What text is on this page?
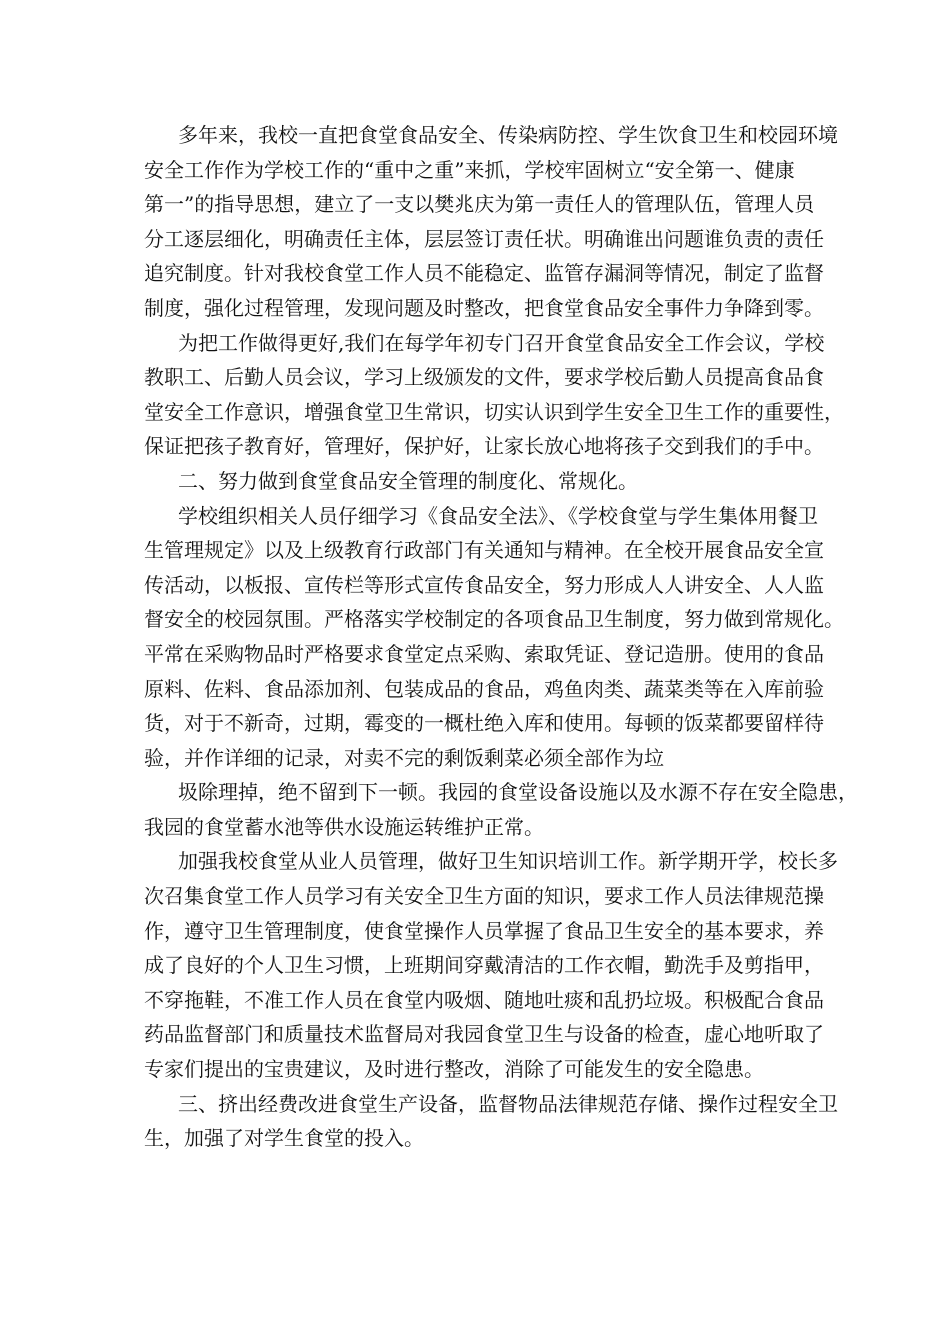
多年来，我校一直把食堂食品安全、传染病防控、学生饮食卫生和校园环境
安全工作作为学校工作的“重中之重”来抓，学校牢固树立“安全第一、健康
第一”的指导思想，建立了一支以樊兆庆为第一责任人的管理队伍，管理人员
分工逐层细化，明确责任主体，层层签订责任状。明确谁出问题谁负责的责任
追究制度。针对我校食堂工作人员不能稳定、监管存漏洞等情况，制定了监督
制度，强化过程管理，发现问题及时整改，把食堂食品安全事件力争降到零。
为把工作做得更好,我们在每学年初专门召开食堂食品安全工作会议，学校
教职工、后勤人员会议，学习上级颁发的文件，要求学校后勤人员提高食品食
堂安全工作意识，增强食堂卫生常识，切实认识到学生安全卫生工作的重要性，
保证把孩子教育好，管理好，保护好，让家长放心地将孩子交到我们的手中。
二、努力做到食堂食品安全管理的制度化、常规化。
学校组织相关人员仔细学习《食品安全法》、《学校食堂与学生集体用餐卫
生管理规定》以及上级教育行政部门有关通知与精神。在全校开展食品安全宣
传活动，以板报、宣传栏等形式宣传食品安全，努力形成人人讲安全、人人监
督安全的校园氛围。严格落实学校制定的各项食品卫生制度，努力做到常规化。
平常在采购物品时严格要求食堂定点采购、索取凭证、登记造册。使用的食品
原料、佐料、食品添加剂、包装成品的食品，鸡鱼肉类、蔬菜类等在入库前验
货，对于不新奇，过期，霉变的一概杜绝入库和使用。每顿的饭菜都要留样待
验，并作详细的记录，对卖不完的剩饭剩菜必须全部作为垃
圾除理掉，绝不留到下一顿。我园的食堂设备设施以及水源不存在安全隐患，
我园的食堂蓄水池等供水设施运转维护正常。
加强我校食堂从业人员管理，做好卫生知识培训工作。新学期开学，校长多
次召集食堂工作人员学习有关安全卫生方面的知识，要求工作人员法律规范操
作，遵守卫生管理制度，使食堂操作人员掌握了食品卫生安全的基本要求，养
成了良好的个人卫生习惯，上班期间穿戴清洁的工作衣帽，勤洗手及剪指甲，
不穿拖鞋，不准工作人员在食堂内吸烟、随地吐痰和乱扔垃圾。积极配合食品
药品监督部门和质量技术监督局对我园食堂卫生与设备的检查，虚心地听取了
专家们提出的宝贵建议，及时进行整改，消除了可能发生的安全隐患。
三、挤出经费改进食堂生产设备，监督物品法律规范存储、操作过程安全卫
生，加强了对学生食堂的投入。
